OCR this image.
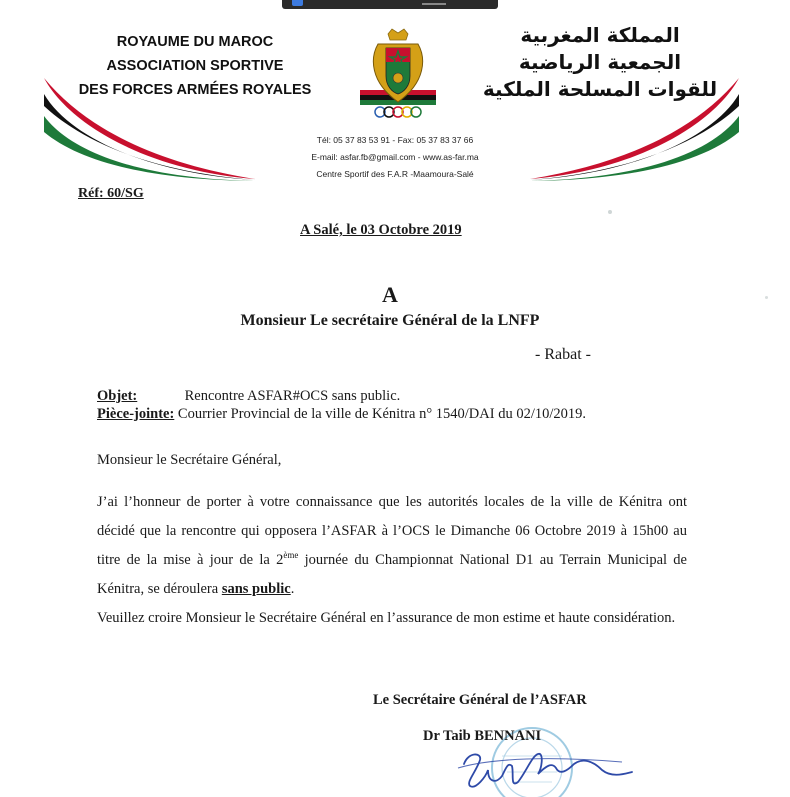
ROYAUME DU MAROC
ASSOCIATION SPORTIVE
DES FORCES ARMÉES ROYALES
المملكة المغربية
الجمعية الرياضية
للقوات المسلحة الملكية
Tél: 05 37 83 53 91 - Fax: 05 37 83 37 66
E-mail: asfar.fb@gmail.com - www.as-far.ma
Centre Sportif des F.A.R -Maamoura-Salé
Réf: 60/SG
A Salé, le 03 Octobre 2019
A
Monsieur Le secrétaire Général de la LNFP
- Rabat -
Objet:	Rencontre ASFAR#OCS sans public.
Pièce-jointe: Courrier Provincial de la ville de Kénitra n° 1540/DAI du 02/10/2019.
Monsieur le Secrétaire Général,

J’ai l’honneur de porter à votre connaissance que les autorités locales de la ville de Kénitra ont décidé que la rencontre qui opposera l’ASFAR à l’OCS le Dimanche 06 Octobre 2019 à 15h00 au titre de la mise à jour de la 2ème journée du Championnat National D1 au Terrain Municipal de Kénitra, se déroulera sans public.

Veuillez croire Monsieur le Secrétaire Général en l’assurance de mon estime et haute considération.

Le Secrétaire Général de l’ASFAR
Dr Taib BENNANI
